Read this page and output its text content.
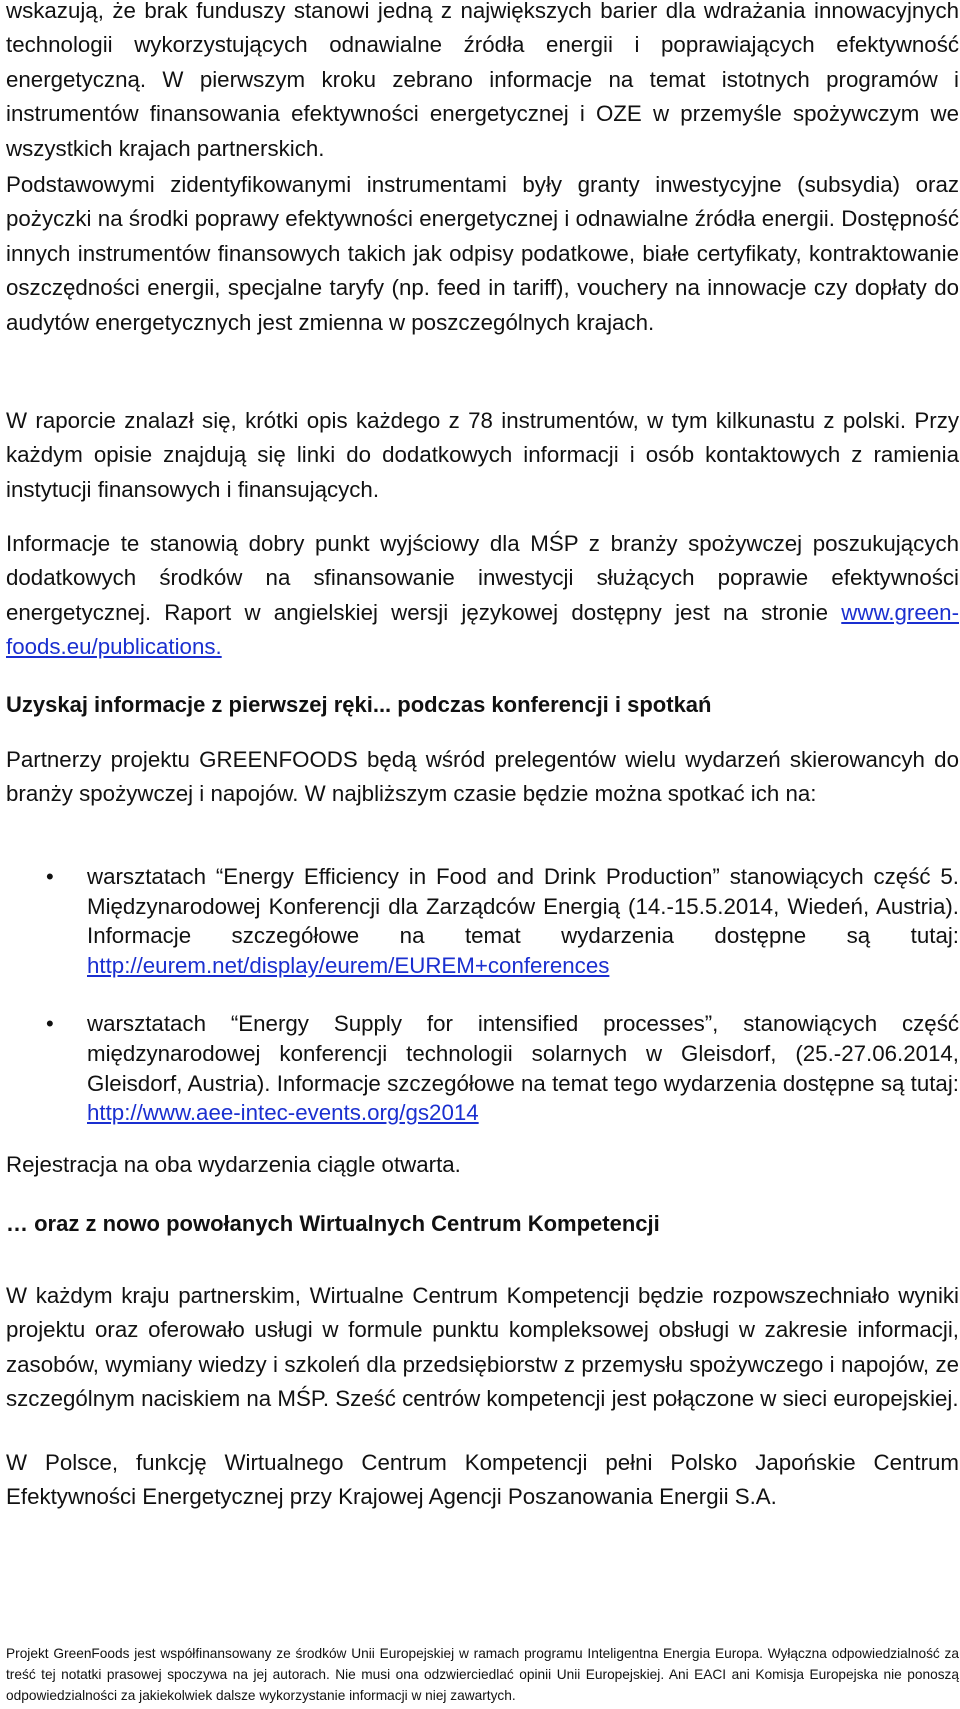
wskazują, że brak funduszy stanowi jedną z największych barier dla wdrażania innowacyjnych technologii wykorzystujących odnawialne źródła energii i poprawiających efektywność energetyczną. W pierwszym kroku zebrano informacje na temat istotnych programów i instrumentów finansowania efektywności energetycznej i OZE w przemyśle spożywczym we wszystkich krajach partnerskich.

Podstawowymi zidentyfikowanymi instrumentami były granty inwestycyjne (subsydia) oraz pożyczki na środki poprawy efektywności energetycznej i odnawialne źródła energii. Dostępność innych instrumentów finansowych takich jak odpisy podatkowe, białe certyfikaty, kontraktowanie oszczędności energii, specjalne taryfy (np. feed in tariff), vouchery na innowacje czy dopłaty do audytów energetycznych jest zmienna w poszczególnych krajach.

W raporcie znalazł się, krótki opis każdego z 78 instrumentów, w tym kilkunastu z polski. Przy każdym opisie znajdują się linki do dodatkowych informacji i osób kontaktowych z ramienia instytucji finansowych i finansujących.

Informacje te stanowią dobry punkt wyjściowy dla MŚP z branży spożywczej poszukujących dodatkowych środków na sfinansowanie inwestycji służących poprawie efektywności energetycznej. Raport w angielskiej wersji językowej dostępny jest na stronie www.green-foods.eu/publications.

Uzyskaj informacje z pierwszej ręki... podczas konferencji i spotkań

Partnerzy projektu GREENFOODS będą wśród prelegentów wielu wydarzeń skierowancyh do branży spożywczej i napojów. W najbliższym czasie będzie można spotkać ich na:

• warsztatach “Energy Efficiency in Food and Drink Production” stanowiących część 5. Międzynarodowej Konferencji dla Zarządców Energią (14.-15.5.2014, Wiedeń, Austria). Informacje szczegółowe na temat wydarzenia dostępne są tutaj: http://eurem.net/display/eurem/EUREM+conferences
• warsztatach “Energy Supply for intensified processes”, stanowiących część międzynarodowej konferencji technologii solarnych w Gleisdorf, (25.-27.06.2014, Gleisdorf, Austria). Informacje szczegółowe na temat tego wydarzenia dostępne są tutaj: http://www.aee-intec-events.org/gs2014

Rejestracja na oba wydarzenia ciągle otwarta.

… oraz z nowo powołanych Wirtualnych Centrum Kompetencji

W każdym kraju partnerskim, Wirtualne Centrum Kompetencji będzie rozpowszechniało wyniki projektu oraz oferowało usługi w formule punktu kompleksowej obsługi w zakresie informacji, zasobów, wymiany wiedzy i szkoleń dla przedsiębiorstw z przemysłu spożywczego i napojów, ze szczególnym naciskiem na MŚP. Sześć centrów kompetencji jest połączone w sieci europejskiej.

W Polsce, funkcję Wirtualnego Centrum Kompetencji pełni Polsko Japońskie Centrum Efektywności Energetycznej przy Krajowej Agencji Poszanowania Energii S.A.

Projekt GreenFoods jest współfinansowany ze środków Unii Europejskiej w ramach programu Inteligentna Energia Europa. Wyłączna odpowiedzialność za treść tej notatki prasowej spoczywa na jej autorach. Nie musi ona odzwierciedlać opinii Unii Europejskiej. Ani EACI ani Komisja Europejska nie ponoszą odpowiedzialności za jakiekolwiek dalsze wykorzystanie informacji w niej zawartych.
